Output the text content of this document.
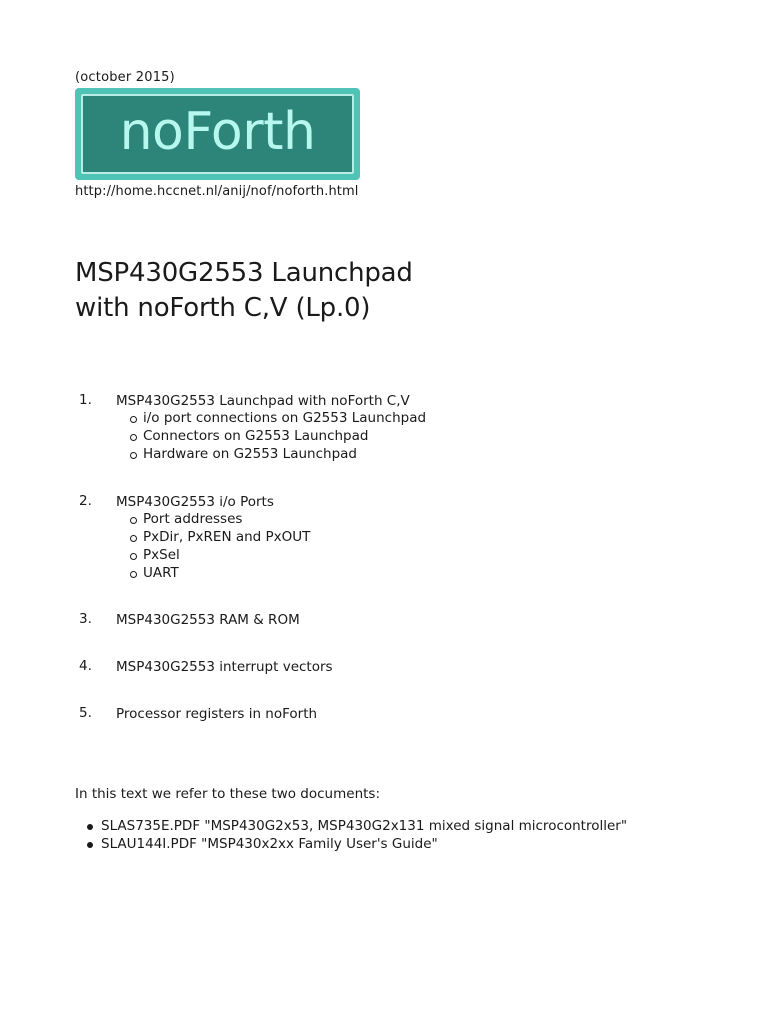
(october 2015)
noForth
http://home.hccnet.nl/anij/nof/noforth.html
MSP430G2553 Launchpad
with noForth C,V (Lp.0)
1.	MSP430G2553 Launchpad with noForth C,V
i/o port connections on G2553 Launchpad
Connectors on G2553 Launchpad
Hardware on G2553 Launchpad
2.	MSP430G2553 i/o Ports
Port addresses
PxDir, PxREN and PxOUT
PxSel
UART
3.	MSP430G2553 RAM & ROM
4.	MSP430G2553 interrupt vectors
5.	Processor registers in noForth
In this text we refer to these two documents:
SLAS735E.PDF "MSP430G2x53, MSP430G2x131 mixed signal microcontroller"
SLAU144I.PDF "MSP430x2xx Family User's Guide"
